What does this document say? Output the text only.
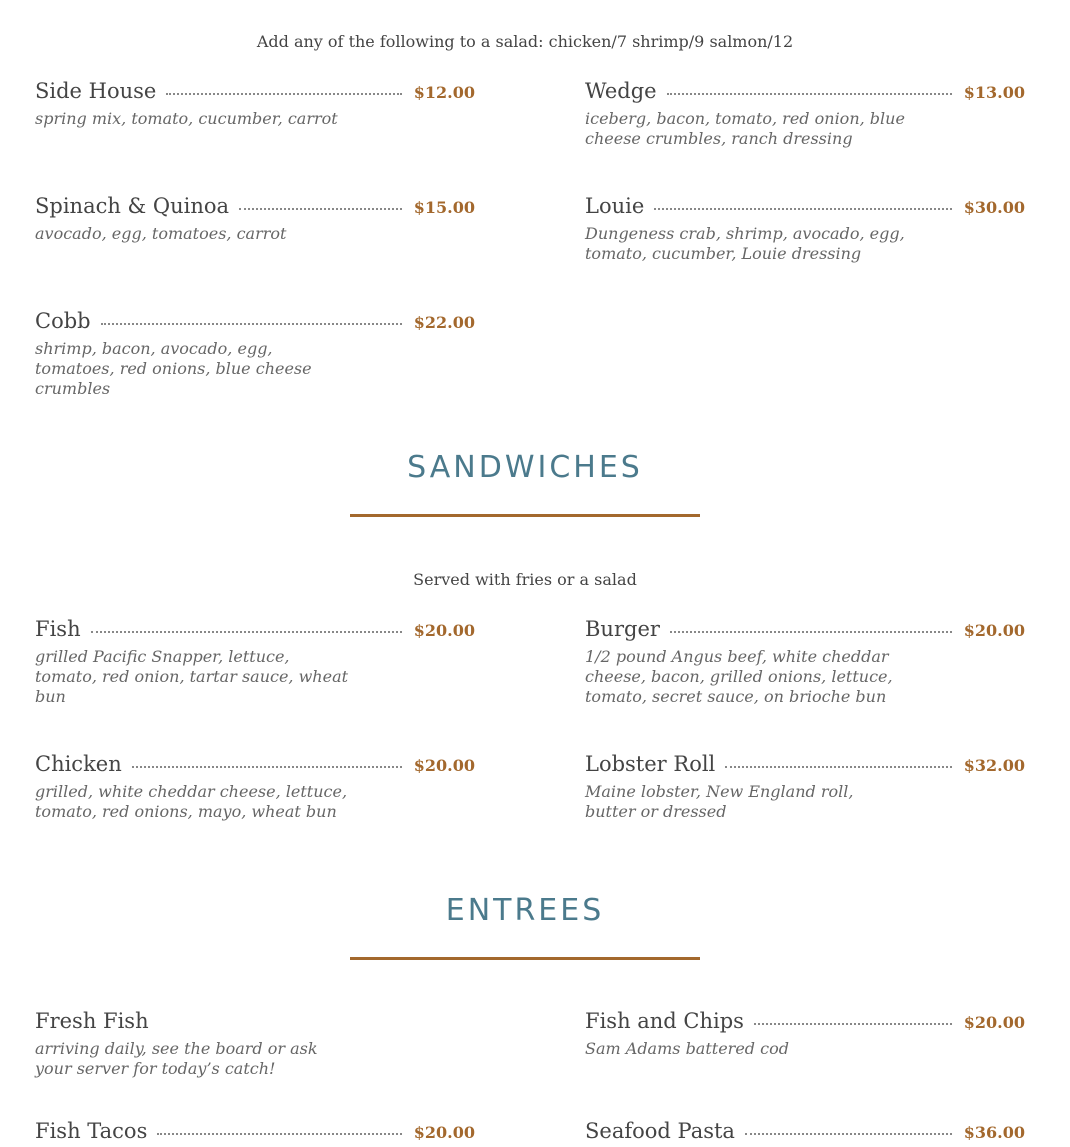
Add any of the following to a salad: chicken/7 shrimp/9 salmon/12
Side House	$12.00
spring mix, tomato, cucumber, carrot
Wedge	$13.00
iceberg, bacon, tomato, red onion, blue cheese crumbles, ranch dressing
Spinach & Quinoa	$15.00
avocado, egg, tomatoes, carrot
Louie	$30.00
Dungeness crab, shrimp, avocado, egg, tomato, cucumber, Louie dressing
Cobb	$22.00
shrimp, bacon, avocado, egg, tomatoes, red onions, blue cheese crumbles
SANDWICHES
Served with fries or a salad
Fish	$20.00
grilled Pacific Snapper, lettuce, tomato, red onion, tartar sauce, wheat bun
Burger	$20.00
1/2 pound Angus beef, white cheddar cheese, bacon, grilled onions, lettuce, tomato, secret sauce, on brioche bun
Chicken	$20.00
grilled, white cheddar cheese, lettuce, tomato, red onions, mayo, wheat bun
Lobster Roll	$32.00
Maine lobster, New England roll, butter or dressed
ENTREES
Fresh Fish
arriving daily, see the board or ask your server for today’s catch!
Fish and Chips	$20.00
Sam Adams battered cod
Fish Tacos	$20.00	Seafood Pasta	$36.00
